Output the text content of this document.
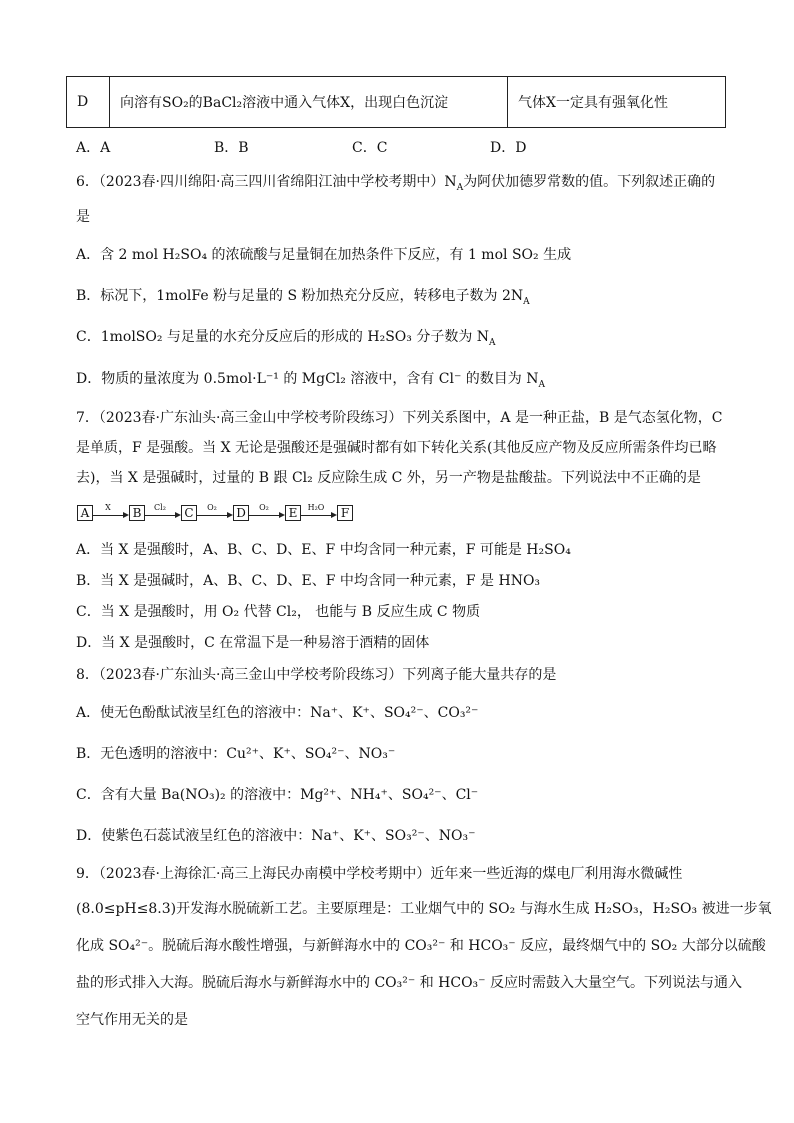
D	向溶有SO₂的BaCl₂溶液中通入气体X，出现白色沉淀	气体X一定具有强氧化性
A．A	B．B	C．C	D．D
6．（2023春·四川绵阳·高三四川省绵阳江油中学校考期中）$N_A$为阿伏加德罗常数的值。下列叙述正确的
是
A．含 2 mol H₂SO₄ 的浓硫酸与足量铜在加热条件下反应，有 1 mol SO₂ 生成
B．标况下，1molFe 粉与足量的 S 粉加热充分反应，转移电子数为 $2N_A$
C．1molSO₂ 与足量的水充分反应后的形成的 H₂SO₃ 分子数为 $N_A$
D．物质的量浓度为 0.5mol·L⁻¹ 的 MgCl₂ 溶液中，含有 Cl⁻ 的数目为 $N_A$
7．（2023春·广东汕头·高三金山中学校考阶段练习）下列关系图中，A 是一种正盐，B 是气态氢化物，C
是单质，F 是强酸。当 X 无论是强酸还是强碱时都有如下转化关系(其他反应产物及反应所需条件均已略
去)，当 X 是强碱时，过量的 B 跟 Cl₂ 反应除生成 C 外，另一产物是盐酸盐。下列说法中不正确的是
A	X	B	Cl₂	C	O₂	D	O₂	E	H₂O	F
A．当 X 是强酸时，A、B、C、D、E、F 中均含同一种元素，F 可能是 H₂SO₄
B．当 X 是强碱时，A、B、C、D、E、F 中均含同一种元素，F 是 HNO₃
C．当 X 是强酸时，用 O₂ 代替 Cl₂， 也能与 B 反应生成 C 物质
D．当 X 是强酸时，C 在常温下是一种易溶于酒精的固体
8．（2023春·广东汕头·高三金山中学校考阶段练习）下列离子能大量共存的是
A．使无色酚酞试液呈红色的溶液中：Na⁺、K⁺、SO₄²⁻、CO₃²⁻
B．无色透明的溶液中：Cu²⁺、K⁺、SO₄²⁻、NO₃⁻
C．含有大量 Ba(NO₃)₂ 的溶液中：Mg²⁺、NH₄⁺、SO₄²⁻、Cl⁻
D．使紫色石蕊试液呈红色的溶液中：Na⁺、K⁺、SO₃²⁻、NO₃⁻
9．（2023春·上海徐汇·高三上海民办南模中学校考期中）近年来一些近海的煤电厂利用海水微碱性
(8.0≤pH≤8.3)开发海水脱硫新工艺。主要原理是：工业烟气中的 SO₂ 与海水生成 H₂SO₃，H₂SO₃ 被进一步氧
化成 SO₄²⁻。脱硫后海水酸性增强，与新鲜海水中的 CO₃²⁻ 和 HCO₃⁻ 反应，最终烟气中的 SO₂ 大部分以硫酸
盐的形式排入大海。脱硫后海水与新鲜海水中的 CO₃²⁻ 和 HCO₃⁻ 反应时需鼓入大量空气。下列说法与通入
空气作用无关的是
